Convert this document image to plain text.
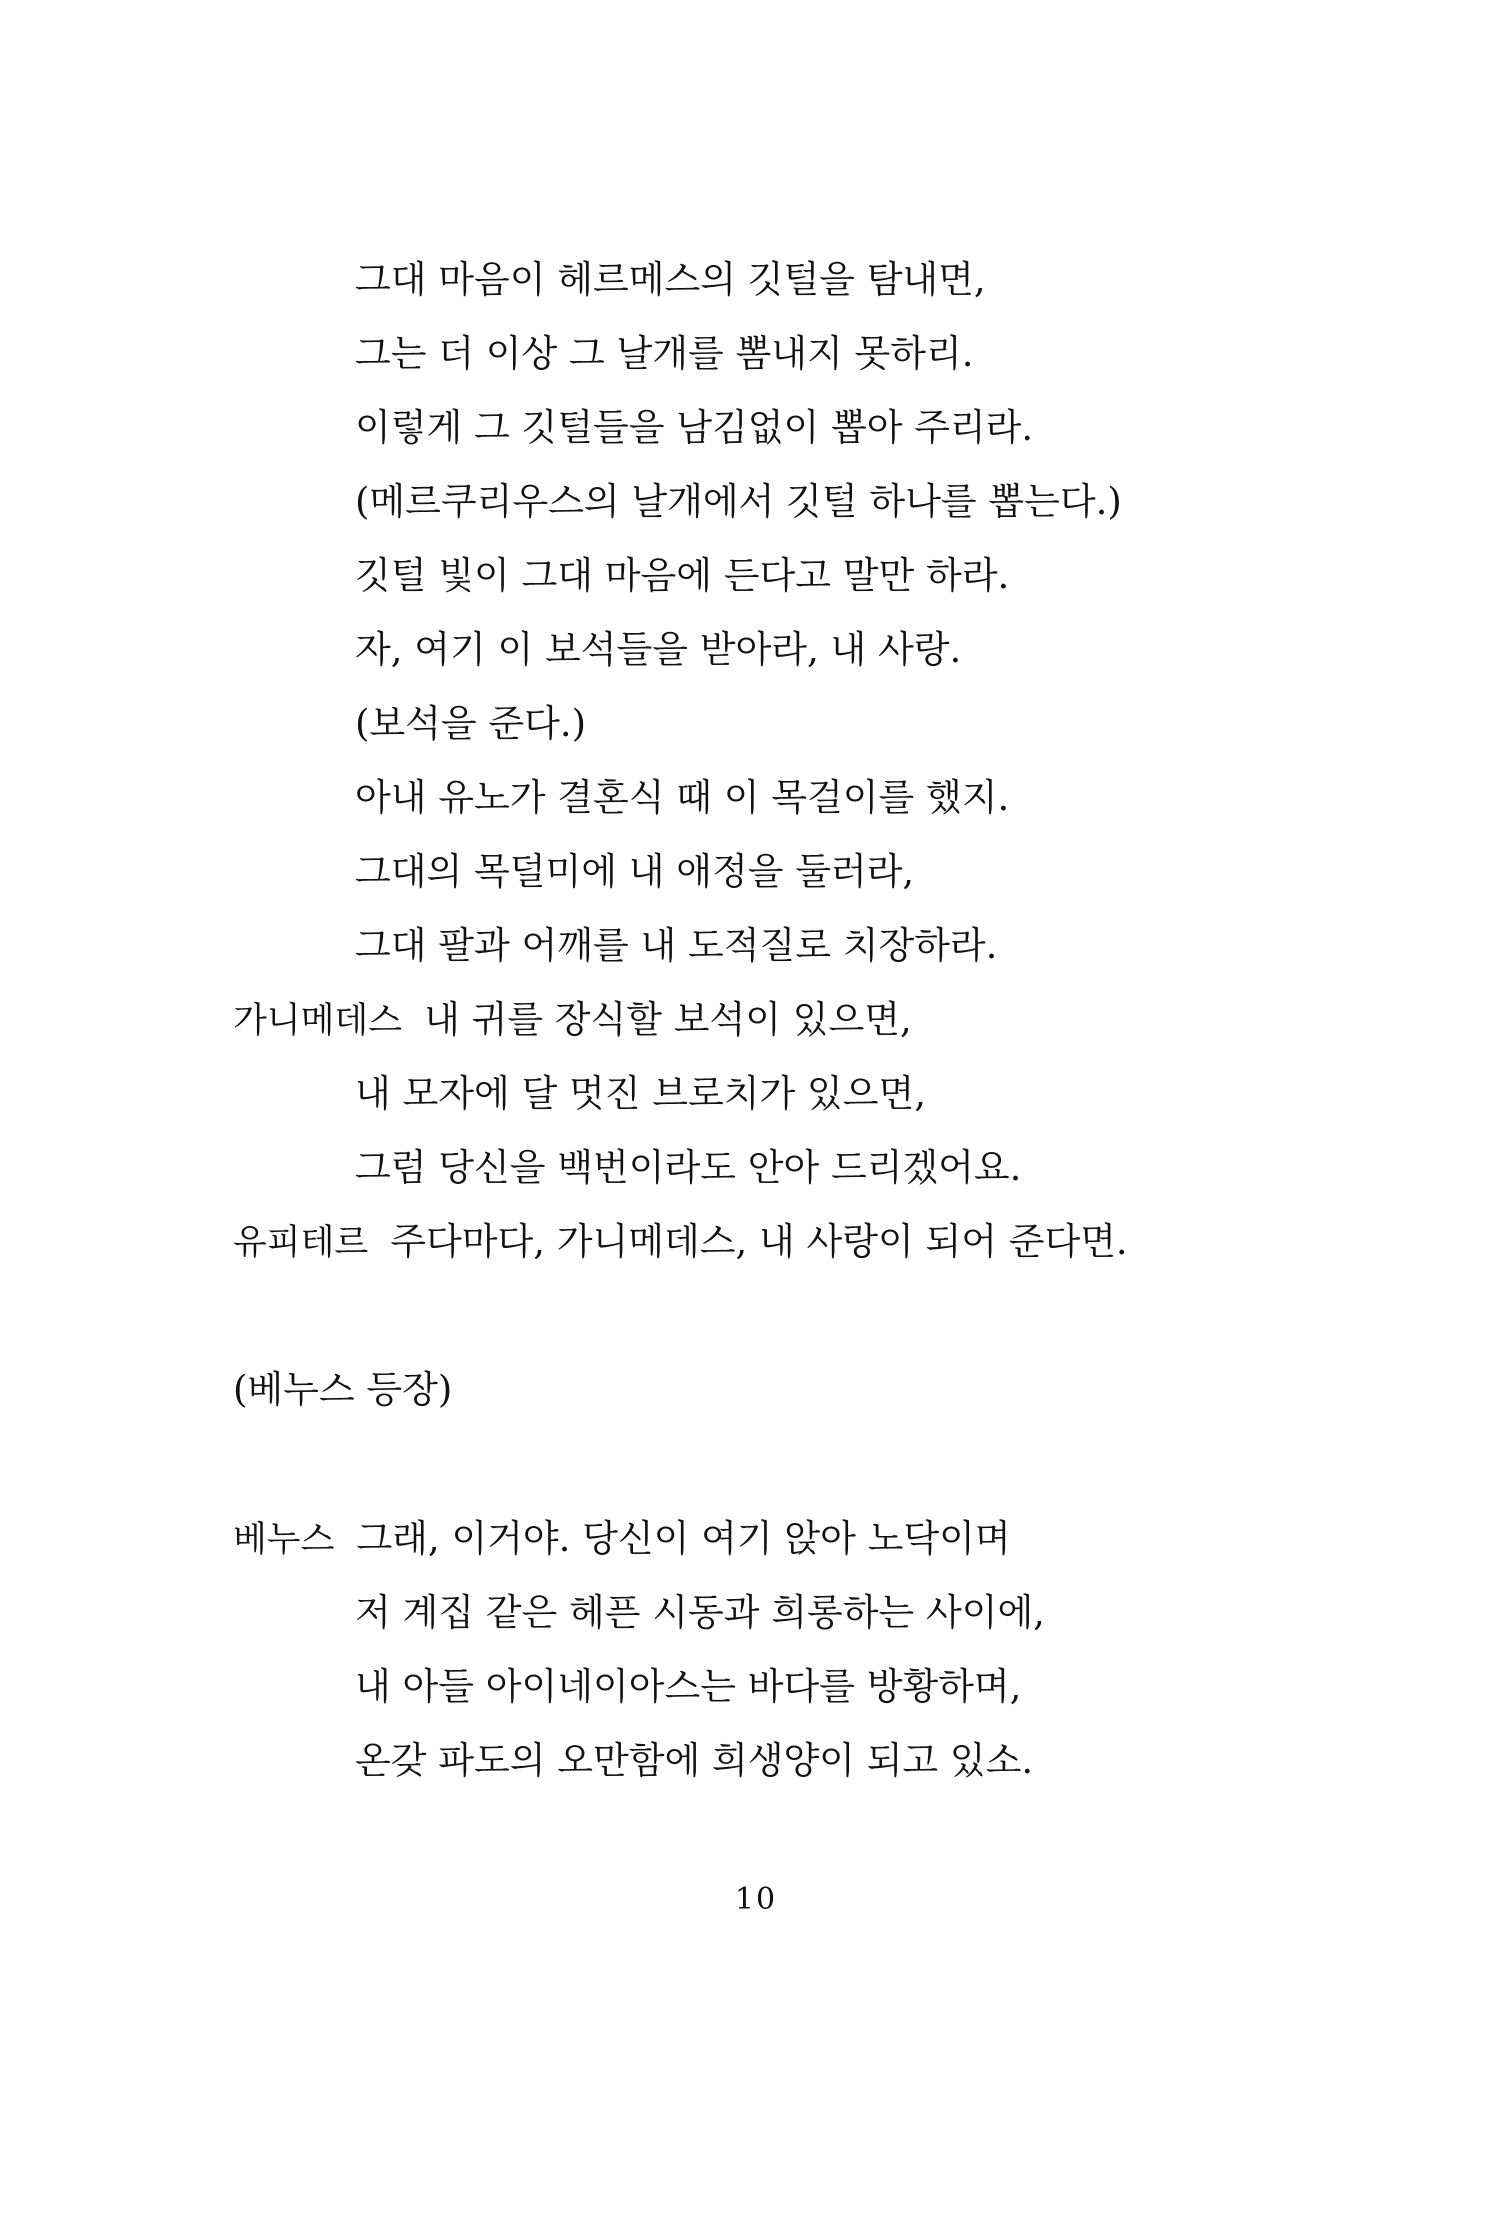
그대 마음이 헤르메스의 깃털을 탐내면,
그는 더 이상 그 날개를 뽐내지 못하리.
이렇게 그 깃털들을 남김없이 뽑아 주리라.
(메르쿠리우스의 날개에서 깃털 하나를 뽑는다.)
깃털 빛이 그대 마음에 든다고 말만 하라.
자, 여기 이 보석들을 받아라, 내 사랑.
(보석을 준다.)
아내 유노가 결혼식 때 이 목걸이를 했지.
그대의 목덜미에 내 애정을 둘러라,
그대 팔과 어깨를 내 도적질로 치장하라.
가니메데스 내 귀를 장식할 보석이 있으면,
내 모자에 달 멋진 브로치가 있으면,
그럼 당신을 백번이라도 안아 드리겠어요.
유피테르 주다마다, 가니메데스, 내 사랑이 되어 준다면.
(베누스 등장)
베누스 그래, 이거야. 당신이 여기 앉아 노닥이며
저 계집 같은 헤픈 시동과 희롱하는 사이에,
내 아들 아이네이아스는 바다를 방황하며,
온갖 파도의 오만함에 희생양이 되고 있소.
10
